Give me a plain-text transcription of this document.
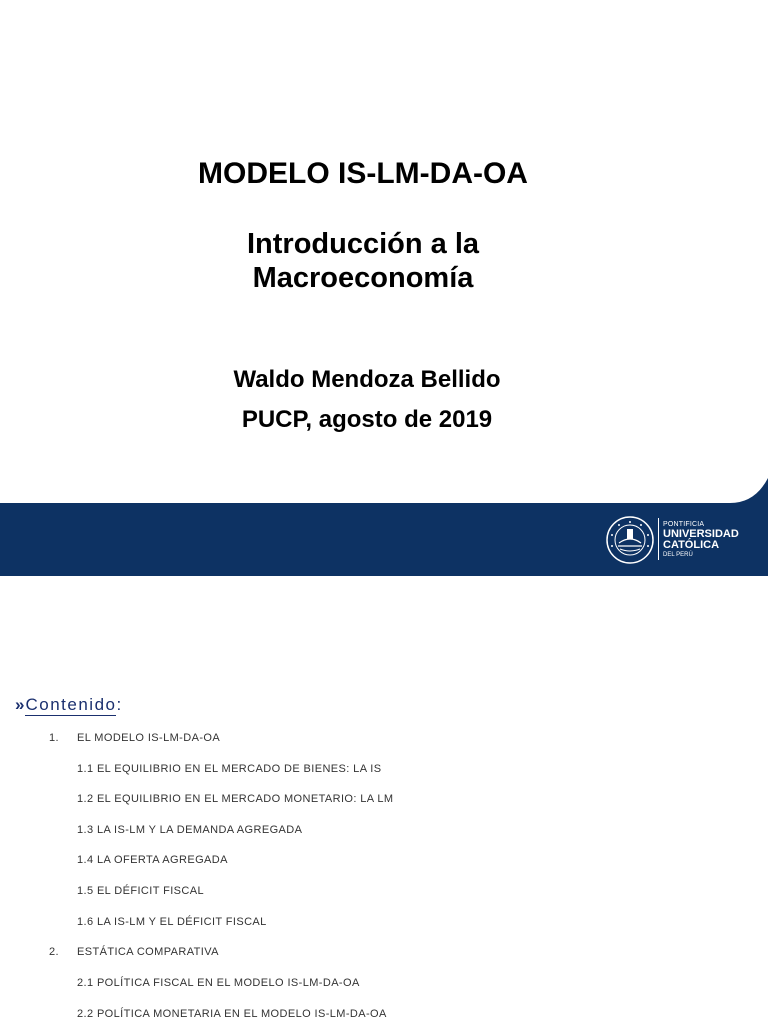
MODELO IS-LM-DA-OA
Introducción a la
Macroeconomía
Waldo Mendoza Bellido
PUCP, agosto de 2019
PONTIFICIA
UNIVERSIDAD
CATÓLICA
DEL PERÚ
» Contenido:
1. EL MODELO IS-LM-DA-OA
1.1 EL EQUILIBRIO EN EL MERCADO DE BIENES: LA IS
1.2 EL EQUILIBRIO EN EL MERCADO MONETARIO: LA LM
1.3 LA IS-LM Y LA DEMANDA AGREGADA
1.4 LA OFERTA AGREGADA
1.5 EL DÉFICIT FISCAL
1.6 LA IS-LM Y EL DÉFICIT FISCAL
2. ESTÁTICA COMPARATIVA
2.1 POLÍTICA FISCAL EN EL MODELO IS-LM-DA-OA
2.2 POLÍTICA MONETARIA EN EL MODELO IS-LM-DA-OA
